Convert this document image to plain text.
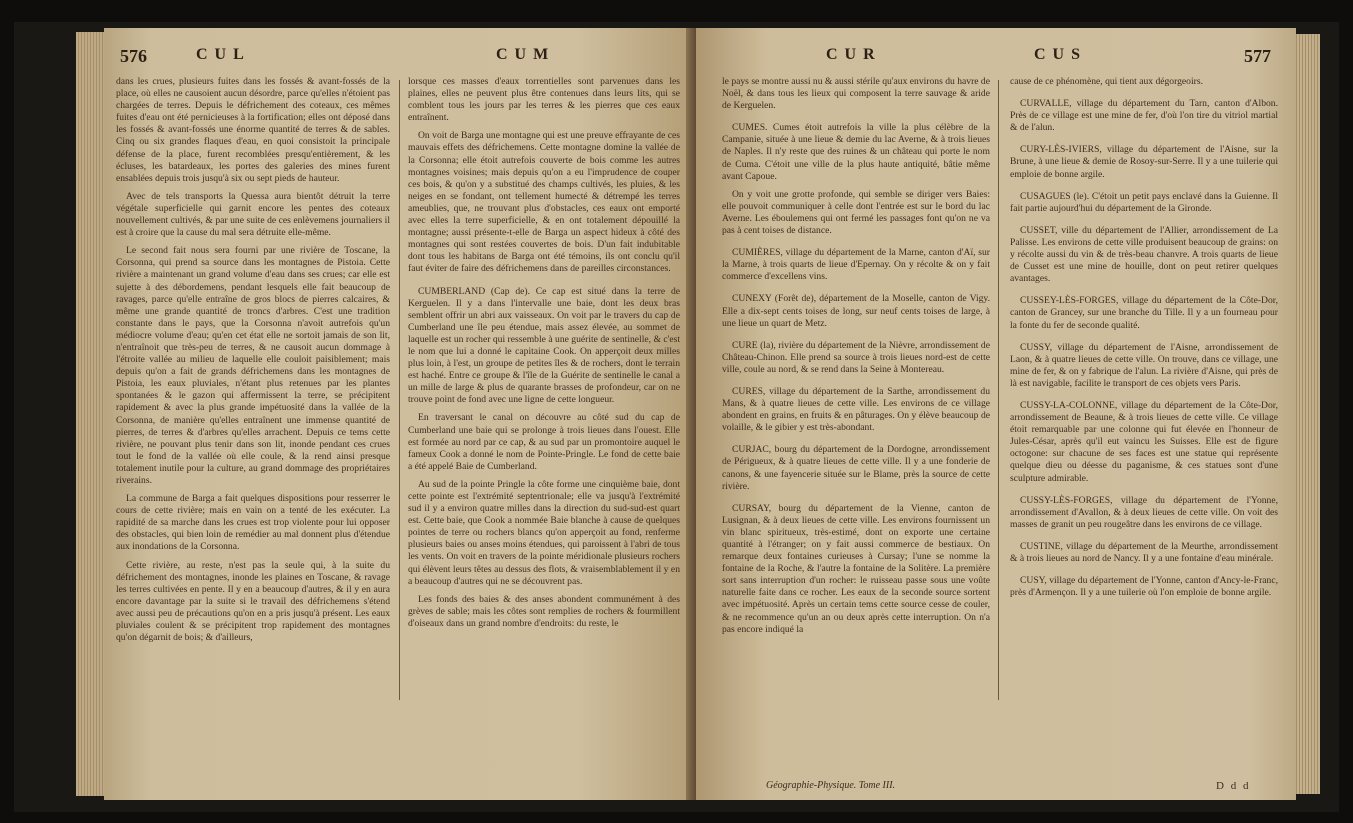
576	CUL	CUM

dans les crues, plusieurs fuites dans les fossés & avant-fossés de la place, où elles ne causoient aucun désordre, parce qu'elles n'étoient pas chargées de terres. Depuis le défrichement des coteaux, ces mêmes fuites d'eau ont été pernicieuses à la fortification; elles ont déposé dans les fossés & avant-fossés une énorme quantité de terres & de sables. Cinq ou six grandes flaques d'eau, en quoi consistoit la principale défense de la place, furent recomblées presqu'entièrement, & les écluses, les batardeaux, les portes des galeries des mines furent ensablées depuis trois jusqu'à six ou sept pieds de hauteur.

Avec de tels transports la Quessa aura bientôt détruit la terre végétale superficielle qui garnit encore les pentes des coteaux nouvellement cultivés, & par une suite de ces enlèvemens journaliers il est à croire que la cause du mal sera détruite elle-même.

Le second fait nous sera fourni par une rivière de Toscane, la Corsonna, qui prend sa source dans les montagnes de Pistoia. Cette rivière a maintenant un grand volume d'eau dans ses crues; car elle est sujette à des débordemens, pendant lesquels elle fait beaucoup de ravages, parce qu'elle entraîne de gros blocs de pierres calcaires, & même une grande quantité de troncs d'arbres. C'est une tradition constante dans le pays, que la Corsonna n'avoit autrefois qu'un médiocre volume d'eau; qu'en cet état elle ne sortoit jamais de son lit, n'entraînoit que très-peu de terres, & ne causoit aucun dommage à l'étroite vallée au milieu de laquelle elle couloit paisiblement; mais depuis qu'on a fait de grands défrichemens dans les montagnes de Pistoia, les eaux pluviales, n'étant plus retenues par les plantes spontanées & le gazon qui affermissent la terre, se précipitent rapidement & avec la plus grande impétuosité dans la vallée de la Corsonna, de manière qu'elles entraînent une immense quantité de pierres, de terres & d'arbres qu'elles arrachent. Depuis ce tems cette rivière, ne pouvant plus tenir dans son lit, inonde pendant ces crues tout le fond de la vallée où elle coule, & la rend ainsi presque totalement inutile pour la culture, au grand dommage des propriétaires riverains.

La commune de Barga a fait quelques dispositions pour resserrer le cours de cette rivière; mais en vain on a tenté de les exécuter. La rapidité de sa marche dans les crues est trop violente pour lui opposer des obstacles, qui bien loin de remédier au mal donnent plus d'étendue aux inondations de la Corsonna.

Cette rivière, au reste, n'est pas la seule qui, à la suite du défrichement des montagnes, inonde les plaines en Toscane, & ravage les terres cultivées en pente. Il y en a beaucoup d'autres, & il y en aura encore davantage par la suite si le travail des défrichemens s'étend avec aussi peu de précautions qu'on en a pris jusqu'à présent. Les eaux pluviales coulent & se précipitent trop rapidement des montagnes qu'on dégarnit de bois; & d'ailleurs,

lorsque ces masses d'eaux torrentielles sont parvenues dans les plaines, elles ne peuvent plus être contenues dans leurs lits, qui se comblent tous les jours par les terres & les pierres que ces eaux entraînent.

On voit de Barga une montagne qui est une preuve effrayante de ces mauvais effets des défrichemens. Cette montagne domine la vallée de la Corsonna; elle étoit autrefois couverte de bois comme les autres montagnes voisines; mais depuis qu'on a eu l'imprudence de couper ces bois, & qu'on y a substitué des champs cultivés, les pluies, & les neiges en se fondant, ont tellement humecté & détrempé les terres ameublies, que, ne trouvant plus d'obstacles, ces eaux ont emporté avec elles la terre superficielle, & en ont totalement dépouillé la montagne; aussi présente-t-elle de Barga un aspect hideux à côté des montagnes qui sont restées couvertes de bois. D'un fait indubitable dont tous les habitans de Barga ont été témoins, ils ont conclu qu'il faut éviter de faire des défrichemens dans de pareilles circonstances.

CUMBERLAND (Cap de). Ce cap est situé dans la terre de Kerguelen. Il y a dans l'intervalle une baie, dont les deux bras semblent offrir un abri aux vaisseaux. On voit par le travers du cap de Cumberland une île peu étendue, mais assez élevée, au sommet de laquelle est un rocher qui ressemble à une guérite de sentinelle, & c'est le nom que lui a donné le capitaine Cook. On apperçoit deux milles plus loin, à l'est, un groupe de petites îles & de rochers, dont le terrain est haché. Entre ce groupe & l'île de la Guérite de sentinelle le canal a un mille de large & plus de quarante brasses de profondeur, car on ne trouve point de fond avec une ligne de cette longueur.

En traversant le canal on découvre au côté sud du cap de Cumberland une baie qui se prolonge à trois lieues dans l'ouest. Elle est formée au nord par ce cap, & au sud par un promontoire auquel le fameux Cook a donné le nom de Pointe-Pringle. Le fond de cette baie a été appelé Baie de Cumberland.

Au sud de la pointe Pringle la côte forme une cinquième baie, dont cette pointe est l'extrémité septentrionale; elle va jusqu'à l'extrémité sud il y a environ quatre milles dans la direction du sud-sud-est quart est. Cette baie, que Cook a nommée Baie blanche à cause de quelques pointes de terre ou rochers blancs qu'on apperçoit au fond, renferme plusieurs baies ou anses moins étendues, qui paroissent à l'abri de tous les vents. On voit en travers de la pointe méridionale plusieurs rochers qui élèvent leurs têtes au dessus des flots, & vraisemblablement il y en a beaucoup d'autres qui ne se découvrent pas.

Les fonds des baies & des anses abondent communément à des grèves de sable; mais les côtes sont remplies de rochers & fourmillent d'oiseaux dans un grand nombre d'endroits: du reste, le

CUR	CUS	577

le pays se montre aussi nu & aussi stérile qu'aux environs du havre de Noël, & dans tous les lieux qui composent la terre sauvage & aride de Kerguelen.

CUMES. Cumes étoit autrefois la ville la plus célèbre de la Campanie, située à une lieue & demie du lac Averne, & à trois lieues de Naples. Il n'y reste que des ruines & un château qui porte le nom de Cuma. C'étoit une ville de la plus haute antiquité, bâtie même avant Capoue.

On y voit une grotte profonde, qui semble se diriger vers Baies: elle pouvoit communiquer à celle dont l'entrée est sur le bord du lac Averne. Les éboulemens qui ont fermé les passages font qu'on ne va pas à cent toises de distance.

CUMIÈRES, village du département de la Marne, canton d'Aï, sur la Marne, à trois quarts de lieue d'Epernay. On y récolte & on y fait commerce d'excellens vins.

CUNEXY (Forêt de), département de la Moselle, canton de Vigy. Elle a dix-sept cents toises de long, sur neuf cents toises de large, à une lieue un quart de Metz.

CURE (la), rivière du département de la Nièvre, arrondissement de Château-Chinon. Elle prend sa source à trois lieues nord-est de cette ville, coule au nord, & se rend dans la Seine à Montereau.

CURES, village du département de la Sarthe, arrondissement du Mans, & à quatre lieues de cette ville. Les environs de ce village abondent en grains, en fruits & en pâturages. On y élève beaucoup de volaille, & le gibier y est très-abondant.

CURJAC, bourg du département de la Dordogne, arrondissement de Périgueux, & à quatre lieues de cette ville. Il y a une fonderie de canons, & une fayencerie située sur le Blame, près la source de cette rivière.

CURSAY, bourg du département de la Vienne, canton de Lusignan, & à deux lieues de cette ville. Les environs fournissent un vin blanc spiritueux, très-estimé, dont on exporte une certaine quantité à l'étranger; on y fait aussi commerce de bestiaux. On remarque deux fontaines curieuses à Cursay; l'une se nomme la fontaine de la Roche, & l'autre la fontaine de la Solitère. La première sort sans interruption d'un rocher: le ruisseau passe sous une voûte naturelle faite dans ce rocher. Les eaux de la seconde source sortent avec impétuosité. Après un certain tems cette source cesse de couler, & ne recommence qu'un an ou deux après cette interruption. On n'a pas encore indiqué la

cause de ce phénomène, qui tient aux dégorgeoirs.

CURVALLE, village du département du Tarn, canton d'Albon. Près de ce village est une mine de fer, d'où l'on tire du vitriol martial & de l'alun.

CURY-LÈS-IVIERS, village du département de l'Aisne, sur la Brune, à une lieue & demie de Rosoy-sur-Serre. Il y a une tuilerie qui emploie de bonne argile.

CUSAGUES (le). C'étoit un petit pays enclavé dans la Guienne. Il fait partie aujourd'hui du département de la Gironde.

CUSSET, ville du département de l'Allier, arrondissement de La Palisse. Les environs de cette ville produisent beaucoup de grains: on y récolte aussi du vin & de très-beau chanvre. A trois quarts de lieue de Cusset est une mine de houille, dont on peut retirer quelques avantages.

CUSSEY-LÈS-FORGES, village du département de la Côte-Dor, canton de Grancey, sur une branche du Tille. Il y a un fourneau pour la fonte du fer de seconde qualité.

CUSSY, village du département de l'Aisne, arrondissement de Laon, & à quatre lieues de cette ville. On trouve, dans ce village, une mine de fer, & on y fabrique de l'alun. La rivière d'Aisne, qui près de là est navigable, facilite le transport de ces objets vers Paris.

CUSSY-LA-COLONNE, village du département de la Côte-Dor, arrondissement de Beaune, & à trois lieues de cette ville. Ce village étoit remarquable par une colonne qui fut élevée en l'honneur de Jules-César, après qu'il eut vaincu les Suisses. Elle est de figure octogone: sur chacune de ses faces est une statue qui représente quelque dieu ou déesse du paganisme, & ces statues sont d'une sculpture admirable.

CUSSY-LÈS-FORGES, village du département de l'Yonne, arrondissement d'Avallon, & à deux lieues de cette ville. On voit des masses de granit un peu rougeâtre dans les environs de ce village.

CUSTINE, village du département de la Meurthe, arrondissement & à trois lieues au nord de Nancy. Il y a une fontaine d'eau minérale.

CUSY, village du département de l'Yonne, canton d'Ancy-le-Franc, près d'Armençon. Il y a une tuilerie où l'on emploie de bonne argile.

Géographie-Physique. Tome III.	D d d
